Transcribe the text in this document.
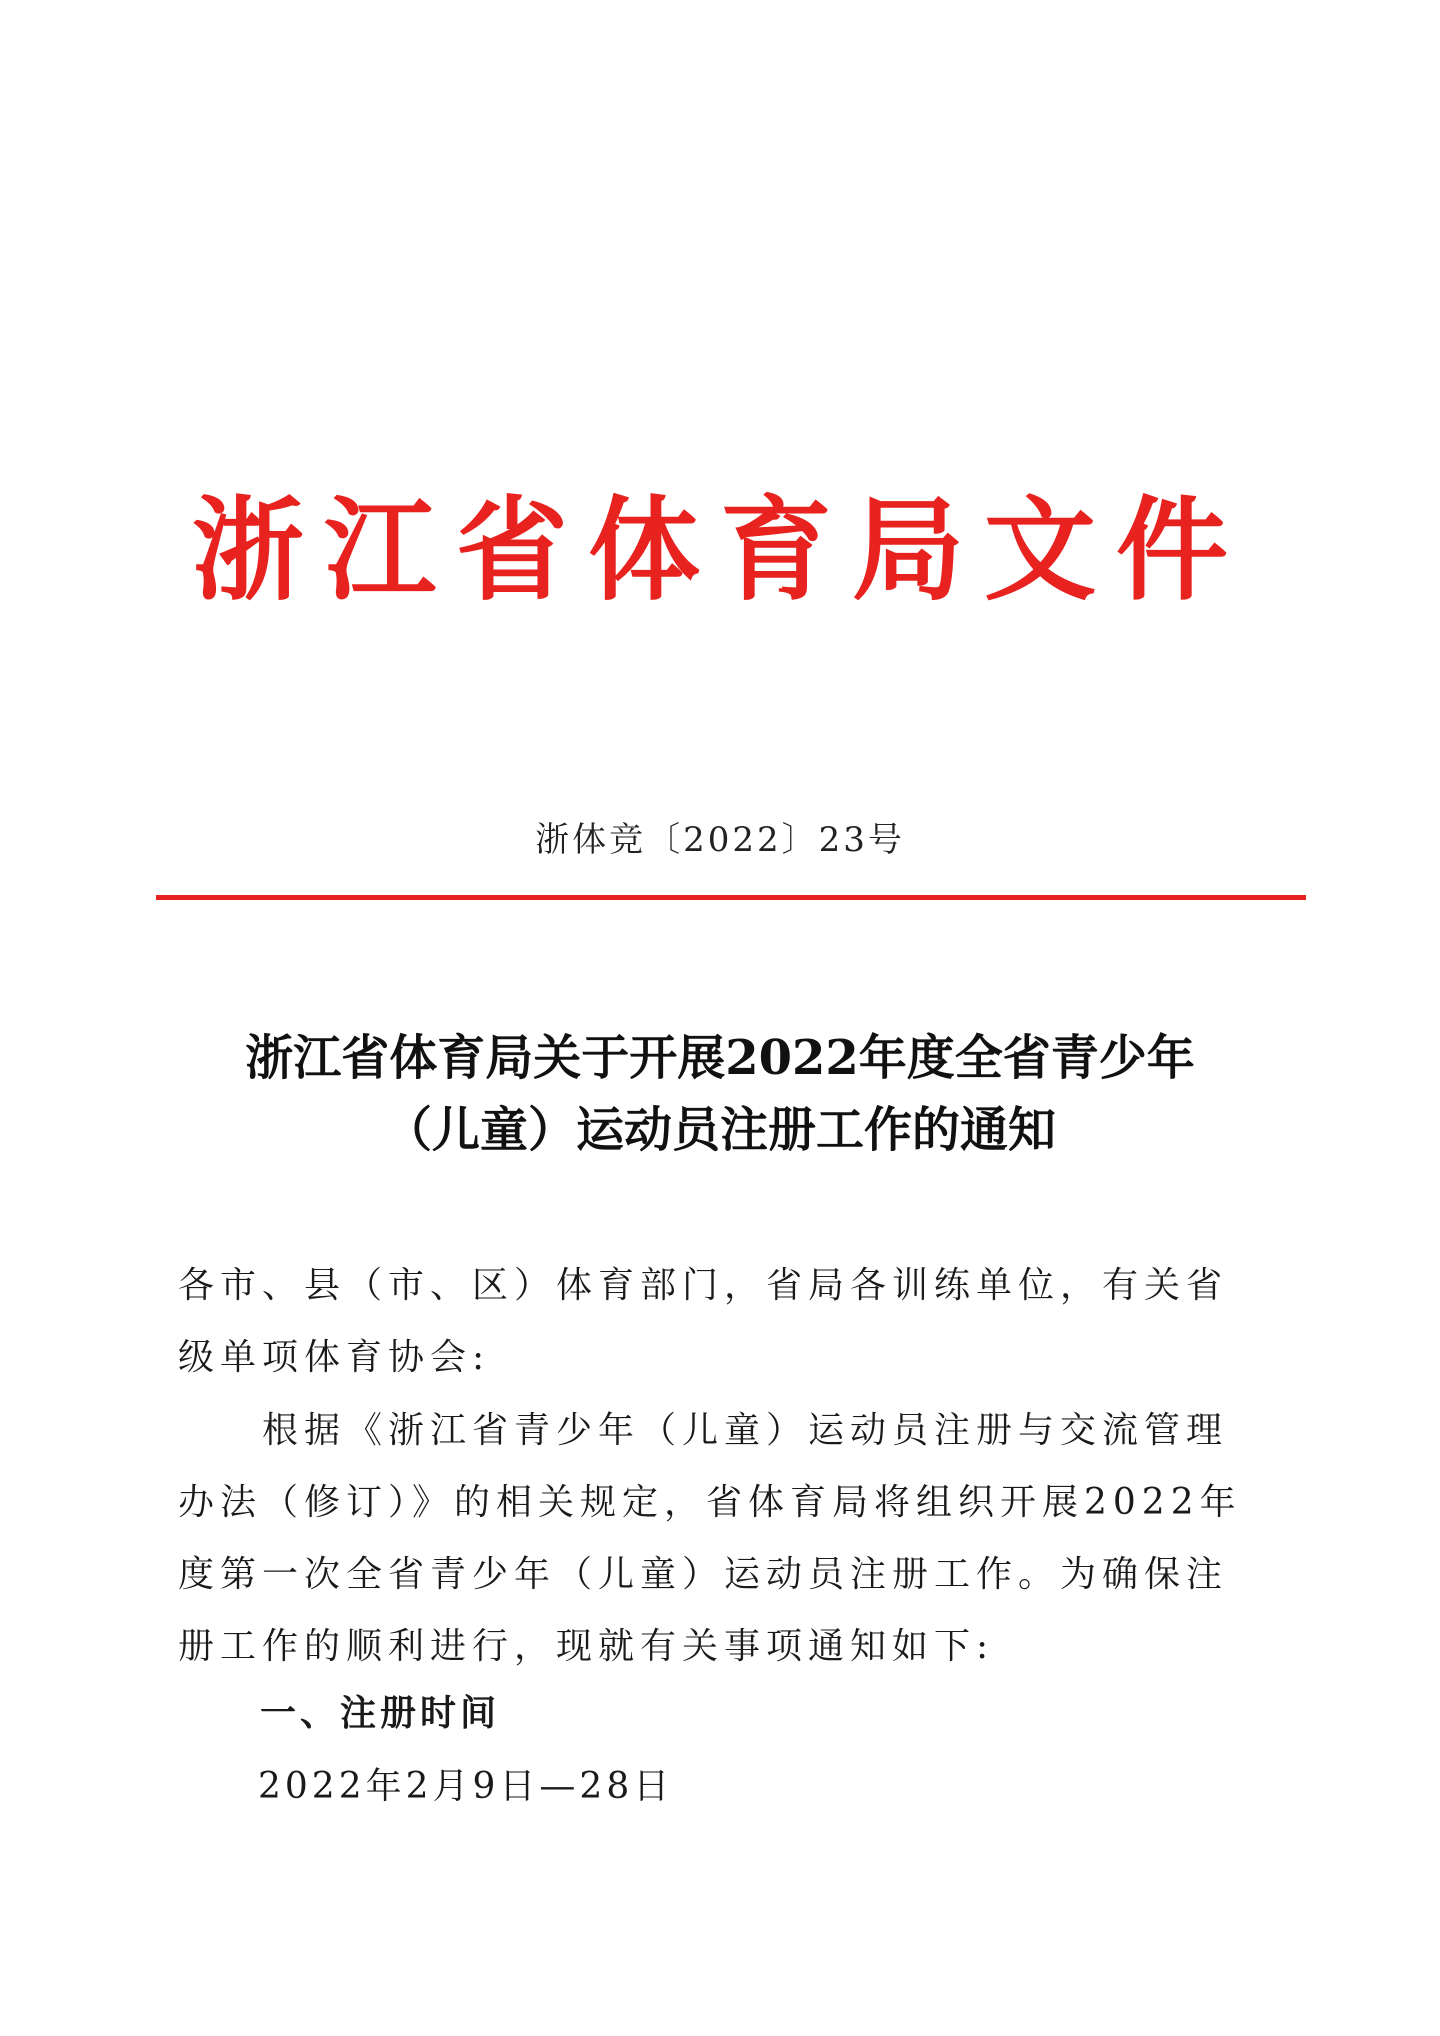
浙江省体育局文件
浙体竞〔2022〕23号
浙江省体育局关于开展2022年度全省青少年
（儿童）运动员注册工作的通知
各市、县（市、区）体育部门，省局各训练单位，有关省级单项体育协会:
根据《浙江省青少年（儿童）运动员注册与交流管理办法（修订）》的相关规定，省体育局将组织开展2022年度第一次全省青少年（儿童）运动员注册工作。为确保注册工作的顺利进行，现就有关事项通知如下:
一、注册时间
2022年2月9日—28日
